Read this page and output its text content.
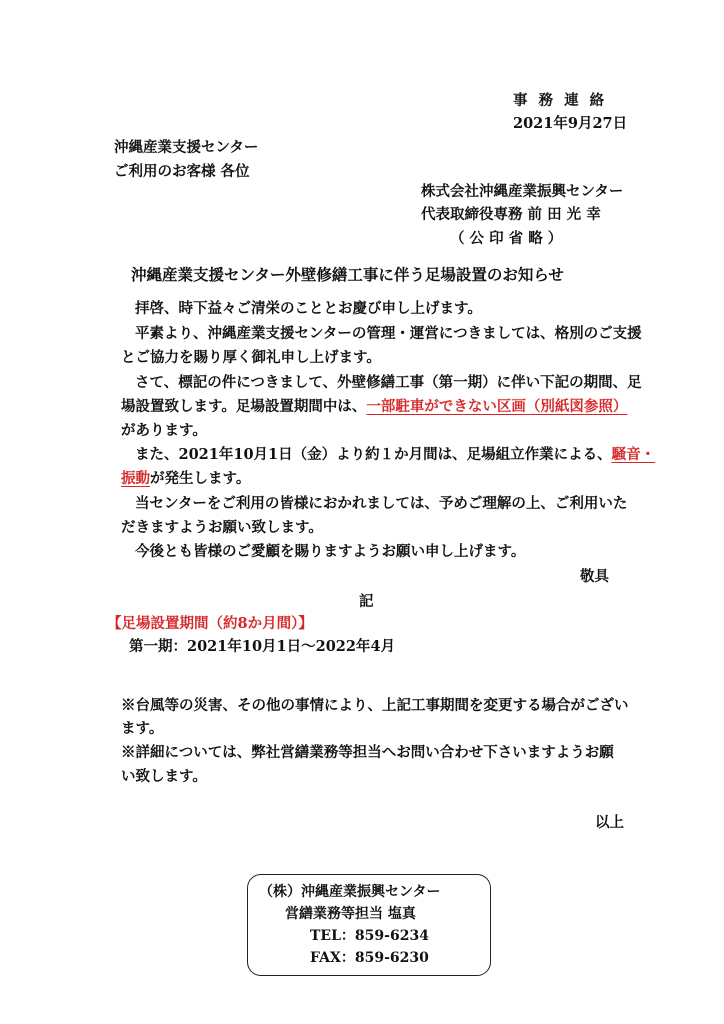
事 務 連 絡
2021年9月27日
沖縄産業支援センター
ご利用のお客様 各位
株式会社沖縄産業振興センター
代表取締役専務 前 田 光 幸
（ 公 印 省 略 ）
沖縄産業支援センター外壁修繕工事に伴う足場設置のお知らせ
拝啓、時下益々ご清栄のこととお慶び申し上げます。
平素より、沖縄産業支援センターの管理・運営につきましては、格別のご支援
とご協力を賜り厚く御礼申し上げます。
さて、標記の件につきまして、外壁修繕工事（第一期）に伴い下記の期間、足
場設置致します。足場設置期間中は、一部駐車ができない区画（別紙図参照）
があります。
また、2021年10月1日（金）より約１か月間は、足場組立作業による、騒音・
振動が発生します。
当センターをご利用の皆様におかれましては、予めご理解の上、ご利用いた
だきますようお願い致します。
今後とも皆様のご愛顧を賜りますようお願い申し上げます。
敬具
記
【足場設置期間（約8か月間）】
第一期：2021年10月1日～2022年4月
※台風等の災害、その他の事情により、上記工事期間を変更する場合がござい
ます。
※詳細については、弊社営繕業務等担当へお問い合わせ下さいますようお願
い致します。
以上
（株）沖縄産業振興センター
営繕業務等担当 塩真
TEL：859-6234
FAX：859-6230
